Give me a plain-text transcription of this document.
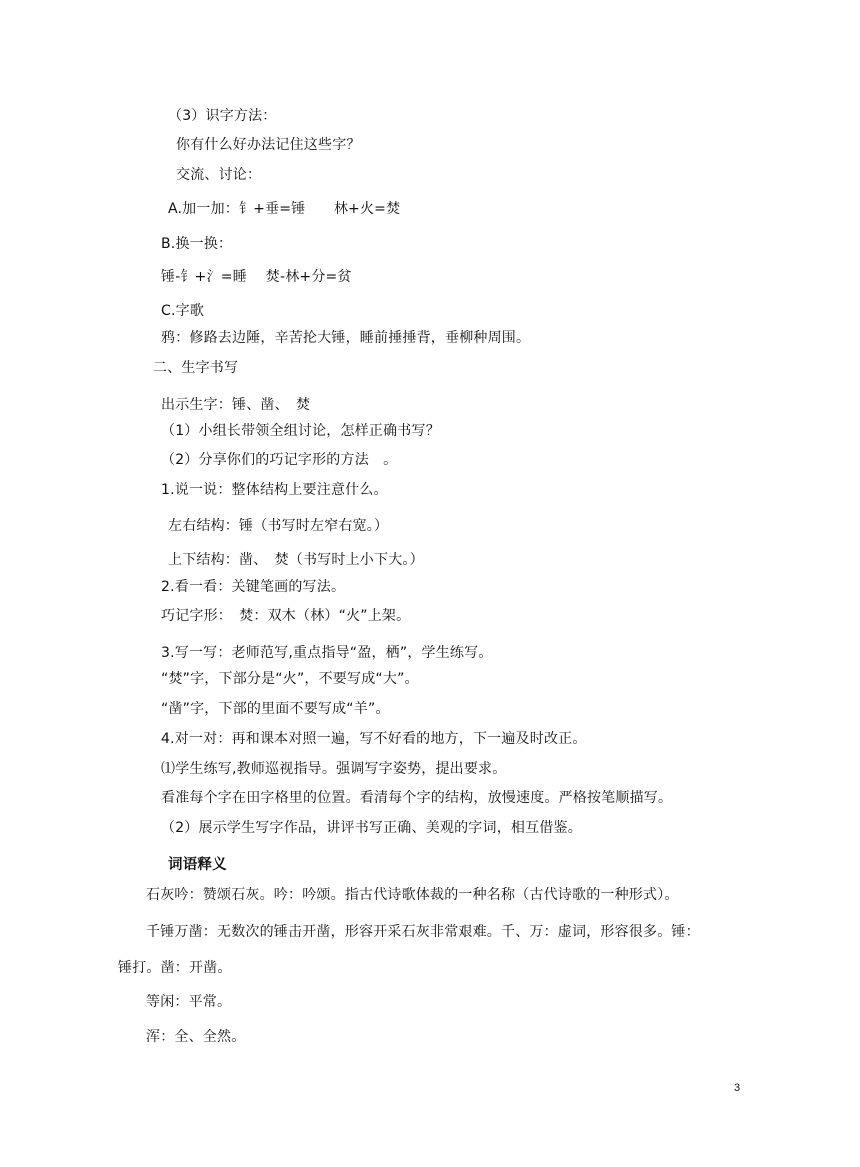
（3）识字方法：
你有什么好办法记住这些字？
交流、讨论：
A.加一加：钅+垂=锤　　林+火=焚
B.换一换：
锤-钅+氵=睡　 焚-林+分=贫
C.字歌
鸦：修路去边陲，辛苦抡大锤，睡前捶捶背，垂柳种周围。
二、生字书写
出示生字：锤、凿、　焚
（1）小组长带领全组讨论，怎样正确书写？
（2）分享你们的巧记字形的方法　。
1.说一说：整体结构上要注意什么。
左右结构：锤（书写时左窄右宽。）
上下结构：凿、　焚（书写时上小下大。）
2.看一看：关键笔画的写法。
巧记字形：　焚：双木（林）“火”上架。
3.写一写：老师范写,重点指导“盈，栖”，学生练写。
“焚”字，下部分是“火”，不要写成“大”。
“凿”字，下部的里面不要写成“羊”。
4.对一对：再和课本对照一遍，写不好看的地方，下一遍及时改正。
⑴学生练写,教师巡视指导。强调写字姿势，提出要求。
看准每个字在田字格里的位置。看清每个字的结构，放慢速度。严格按笔顺描写。
（2）展示学生写字作品，讲评书写正确、美观的字词，相互借鉴。
词语释义
石灰吟：赞颂石灰。吟：吟颂。指古代诗歌体裁的一种名称（古代诗歌的一种形式）。
千锤万凿：无数次的锤击开凿，形容开采石灰非常艰难。千、万：虚词，形容很多。锤：
锤打。凿：开凿。
等闲：平常。
浑：全、全然。
3
